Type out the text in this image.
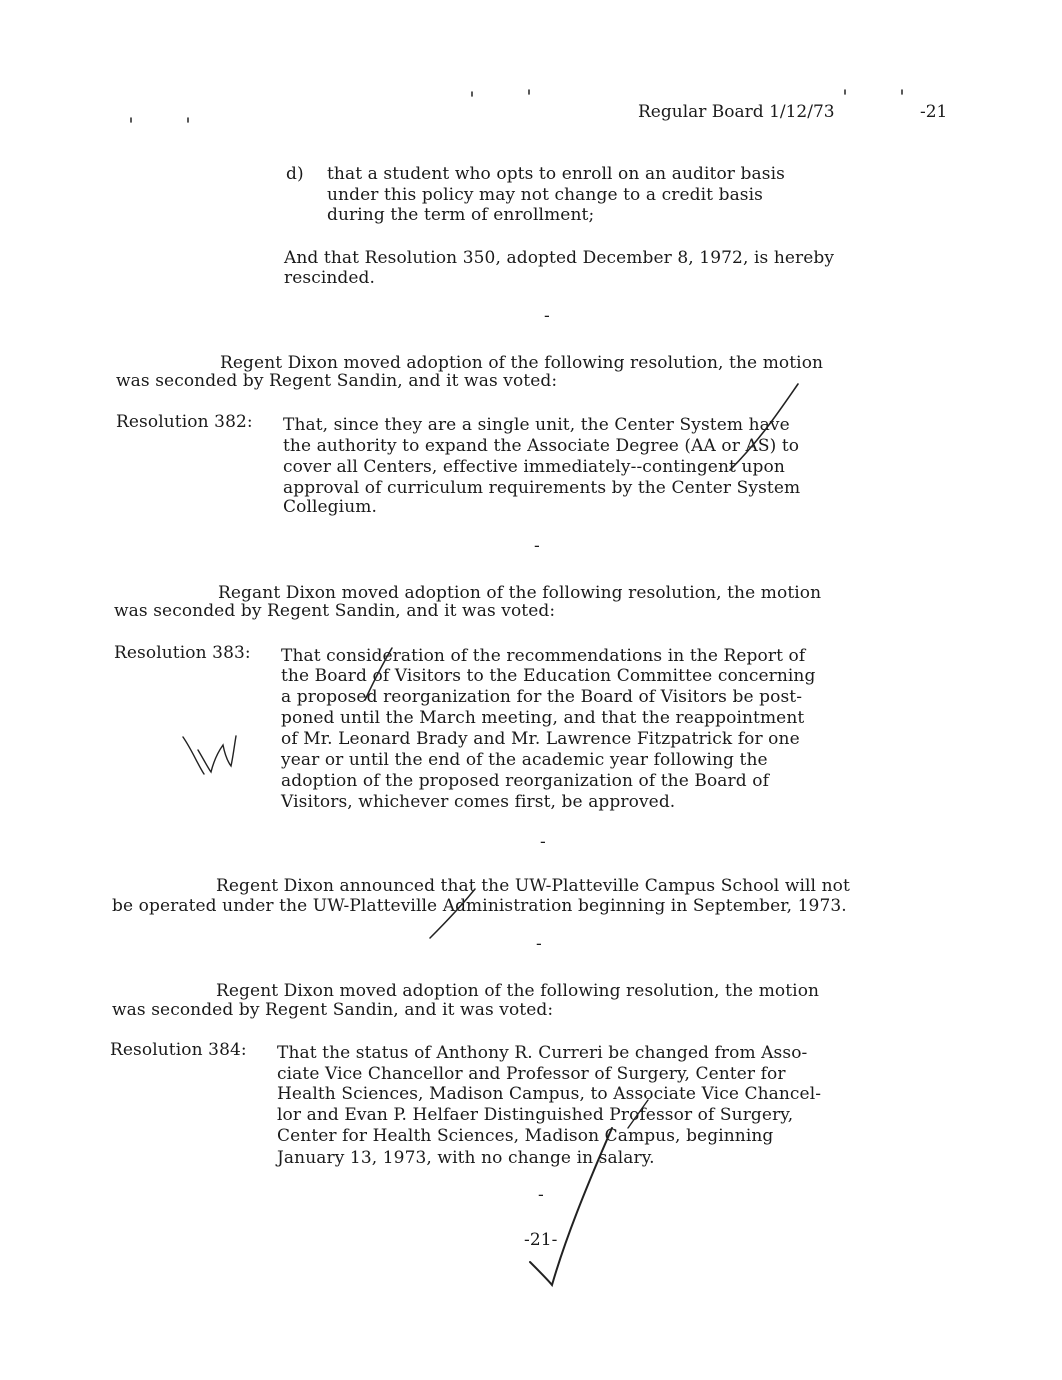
Regular Board 1/12/73	-21
d) that a student who opts to enroll on an auditor basis
under this policy may not change to a credit basis
during the term of enrollment;
And that Resolution 350, adopted December 8, 1972, is hereby
rescinded.
-
Regent Dixon moved adoption of the following resolution, the motion
was seconded by Regent Sandin, and it was voted:
Resolution 382: That, since they are a single unit, the Center System have
the authority to expand the Associate Degree (AA or AS) to
cover all Centers, effective immediately--contingent upon
approval of curriculum requirements by the Center System
Collegium.
-
Regant Dixon moved adoption of the following resolution, the motion
was seconded by Regent Sandin, and it was voted:
Resolution 383: That consideration of the recommendations in the Report of
the Board of Visitors to the Education Committee concerning
a proposed reorganization for the Board of Visitors be post-
poned until the March meeting, and that the reappointment
of Mr. Leonard Brady and Mr. Lawrence Fitzpatrick for one
year or until the end of the academic year following the
adoption of the proposed reorganization of the Board of
Visitors, whichever comes first, be approved.
-
Regent Dixon announced that the UW-Platteville Campus School will not
be operated under the UW-Platteville Administration beginning in September, 1973.
-
Regent Dixon moved adoption of the following resolution, the motion
was seconded by Regent Sandin, and it was voted:
Resolution 384: That the status of Anthony R. Curreri be changed from Asso-
ciate Vice Chancellor and Professor of Surgery, Center for
Health Sciences, Madison Campus, to Associate Vice Chancel-
lor and Evan P. Helfaer Distinguished Professor of Surgery,
Center for Health Sciences, Madison Campus, beginning
January 13, 1973, with no change in salary.
-
-21-
